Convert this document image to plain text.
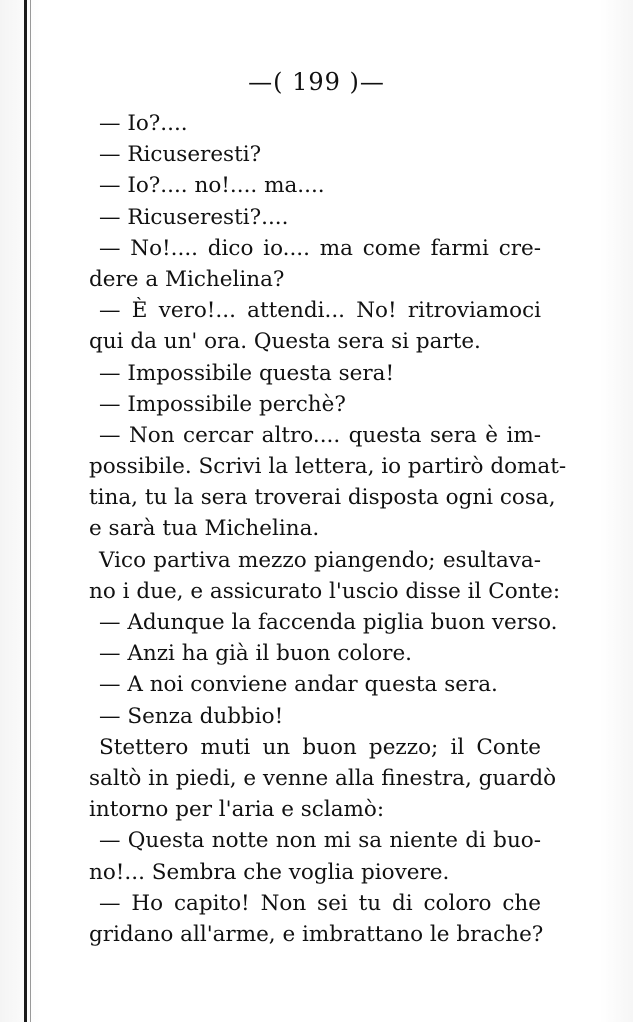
—( 199 )—
— Io?....
— Ricuseresti?
— Io?.... no!.... ma....
— Ricuseresti?....
— No!.... dico io.... ma come farmi cre-
dere a Michelina?
— È vero!... attendi... No! ritroviamoci
qui da un' ora. Questa sera si parte.
— Impossibile questa sera!
— Impossibile perchè?
— Non cercar altro.... questa sera è im-
possibile. Scrivi la lettera, io partirò domat-
tina, tu la sera troverai disposta ogni cosa,
e sarà tua Michelina.
Vico partiva mezzo piangendo; esultava-
no i due, e assicurato l'uscio disse il Conte:
— Adunque la faccenda piglia buon verso.
— Anzi ha già il buon colore.
— A noi conviene andar questa sera.
— Senza dubbio!
Stettero muti un buon pezzo; il Conte
saltò in piedi, e venne alla finestra, guardò
intorno per l'aria e sclamò:
— Questa notte non mi sa niente di buo-
no!... Sembra che voglia piovere.
— Ho capito! Non sei tu di coloro che
gridano all'arme, e imbrattano le brache?
